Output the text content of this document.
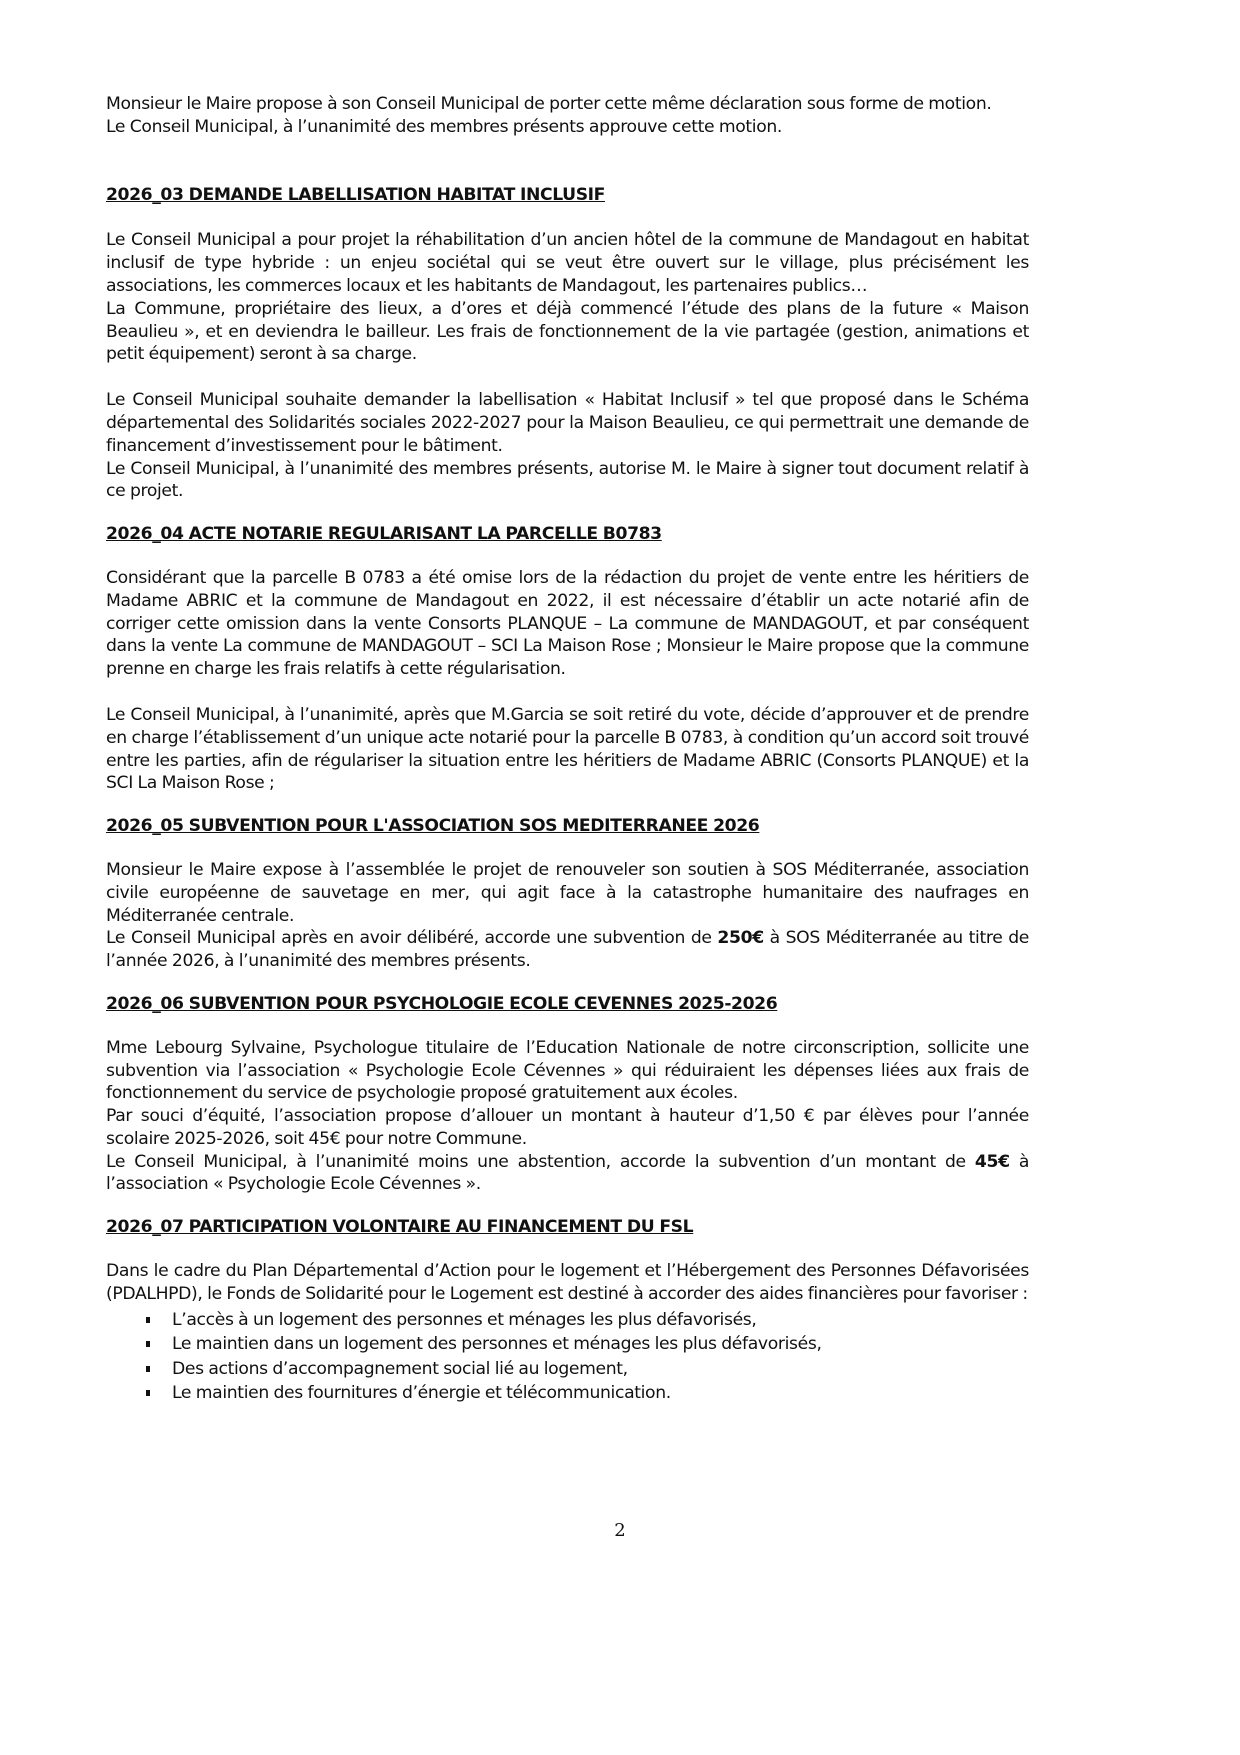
Monsieur le Maire propose à son Conseil Municipal de porter cette même déclaration sous forme de motion.

Le Conseil Municipal, à l’unanimité des membres présents approuve cette motion.

2026_03 DEMANDE LABELLISATION HABITAT INCLUSIF

Le Conseil Municipal a pour projet la réhabilitation d’un ancien hôtel de la commune de Mandagout en habitat inclusif de type hybride : un enjeu sociétal qui se veut être ouvert sur le village, plus précisément les associations, les commerces locaux et les habitants de Mandagout, les partenaires publics…

La Commune, propriétaire des lieux, a d’ores et déjà commencé l’étude des plans de la future « Maison Beaulieu », et en deviendra le bailleur. Les frais de fonctionnement de la vie partagée (gestion, animations et petit équipement) seront à sa charge.

Le Conseil Municipal souhaite demander la labellisation « Habitat Inclusif » tel que proposé dans le Schéma départemental des Solidarités sociales 2022-2027 pour la Maison Beaulieu, ce qui permettrait une demande de financement d’investissement pour le bâtiment.

Le Conseil Municipal, à l’unanimité des membres présents, autorise M. le Maire à signer tout document relatif à ce projet.

2026_04 ACTE NOTARIE REGULARISANT LA PARCELLE B0783

Considérant que la parcelle B 0783 a été omise lors de la rédaction du projet de vente entre les héritiers de Madame ABRIC et la commune de Mandagout en 2022, il est nécessaire d’établir un acte notarié afin de corriger cette omission dans la vente Consorts PLANQUE – La commune de MANDAGOUT, et par conséquent dans la vente La commune de MANDAGOUT – SCI La Maison Rose ; Monsieur le Maire propose que la commune prenne en charge les frais relatifs à cette régularisation.

Le Conseil Municipal, à l’unanimité, après que M.Garcia se soit retiré du vote, décide d’approuver et de prendre en charge l’établissement d’un unique acte notarié pour la parcelle B 0783, à condition qu’un accord soit trouvé entre les parties, afin de régulariser la situation entre les héritiers de Madame ABRIC (Consorts PLANQUE) et la SCI La Maison Rose ;

2026_05 SUBVENTION POUR L'ASSOCIATION SOS MEDITERRANEE 2026

Monsieur le Maire expose à l’assemblée le projet de renouveler son soutien à SOS Méditerranée, association civile européenne de sauvetage en mer, qui agit face à la catastrophe humanitaire des naufrages en Méditerranée centrale.

Le Conseil Municipal après en avoir délibéré, accorde une subvention de 250€ à SOS Méditerranée au titre de l’année 2026, à l’unanimité des membres présents.

2026_06 SUBVENTION POUR PSYCHOLOGIE ECOLE CEVENNES 2025-2026

Mme Lebourg Sylvaine, Psychologue titulaire de l’Education Nationale de notre circonscription, sollicite une subvention via l’association « Psychologie Ecole Cévennes » qui réduiraient les dépenses liées aux frais de fonctionnement du service de psychologie proposé gratuitement aux écoles.

Par souci d’équité, l’association propose d’allouer un montant à hauteur d’1,50 € par élèves pour l’année scolaire 2025-2026, soit 45€ pour notre Commune.

Le Conseil Municipal, à l’unanimité moins une abstention, accorde la subvention d’un montant de 45€ à l’association « Psychologie Ecole Cévennes ».

2026_07 PARTICIPATION VOLONTAIRE AU FINANCEMENT DU FSL

Dans le cadre du Plan Départemental d’Action pour le logement et l’Hébergement des Personnes Défavorisées (PDALHPD), le Fonds de Solidarité pour le Logement est destiné à accorder des aides financières pour favoriser :

L’accès à un logement des personnes et ménages les plus défavorisés,
Le maintien dans un logement des personnes et ménages les plus défavorisés,
Des actions d’accompagnement social lié au logement,
Le maintien des fournitures d’énergie et télécommunication.
2
